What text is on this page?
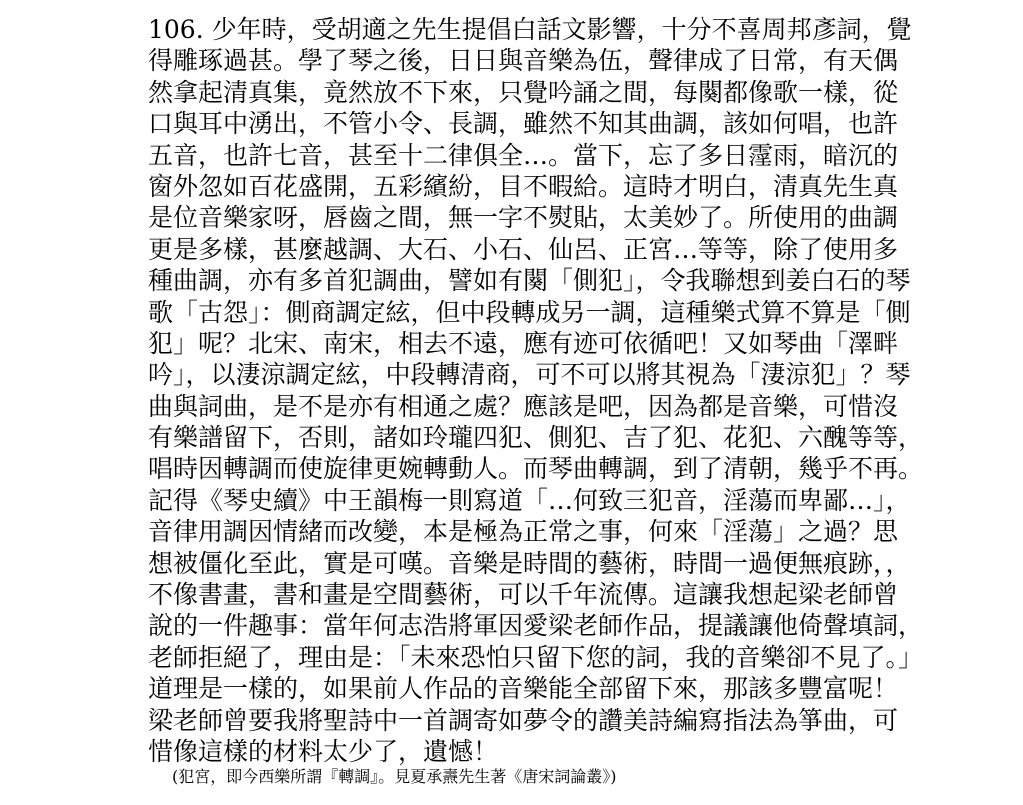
106. 少年時，受胡適之先生提倡白話文影響，十分不喜周邦彥詞，覺
得雕琢過甚。學了琴之後，日日與音樂為伍，聲律成了日常，有天偶
然拿起清真集，竟然放不下來，只覺吟誦之間，每闋都像歌一樣，從
口與耳中湧出，不管小令、長調，雖然不知其曲調，該如何唱，也許
五音，也許七音，甚至十二律俱全…。當下，忘了多日霪雨，暗沉的
窗外忽如百花盛開，五彩繽紛，目不暇給。這時才明白，清真先生真
是位音樂家呀，唇齒之間，無一字不熨貼，太美妙了。所使用的曲調
更是多樣，甚麼越調、大石、小石、仙呂、正宮…等等，除了使用多
種曲調，亦有多首犯調曲，譬如有闋「側犯」，令我聯想到姜白石的琴
歌「古怨」：側商調定絃，但中段轉成另一調，這種樂式算不算是「側
犯」呢？北宋、南宋，相去不遠，應有迹可依循吧！又如琴曲「澤畔
吟」，以淒涼調定絃，中段轉清商，可不可以將其視為「淒涼犯」？琴
曲與詞曲，是不是亦有相通之處？應該是吧，因為都是音樂，可惜沒
有樂譜留下，否則，諸如玲瓏四犯、側犯、吉了犯、花犯、六醜等等，
唱時因轉調而使旋律更婉轉動人。而琴曲轉調，到了清朝，幾乎不再。
記得《琴史續》中王韻梅一則寫道「…何致三犯音，淫蕩而卑鄙…」，
音律用調因情緒而改變，本是極為正常之事，何來「淫蕩」之過？思
想被僵化至此，實是可嘆。音樂是時間的藝術，時間一過便無痕跡，，
不像書畫，書和畫是空間藝術，可以千年流傳。這讓我想起梁老師曾
說的一件趣事：當年何志浩將軍因愛梁老師作品，提議讓他倚聲填詞，
老師拒絕了，理由是：「未來恐怕只留下您的詞，我的音樂卻不見了。」
道理是一樣的，如果前人作品的音樂能全部留下來，那該多豐富呢！
梁老師曾要我將聖詩中一首調寄如夢令的讚美詩編寫指法為箏曲，可
惜像這樣的材料太少了，遺憾！
(犯宮，即今西樂所謂『轉調』。見夏承燾先生著《唐宋詞論叢》)
